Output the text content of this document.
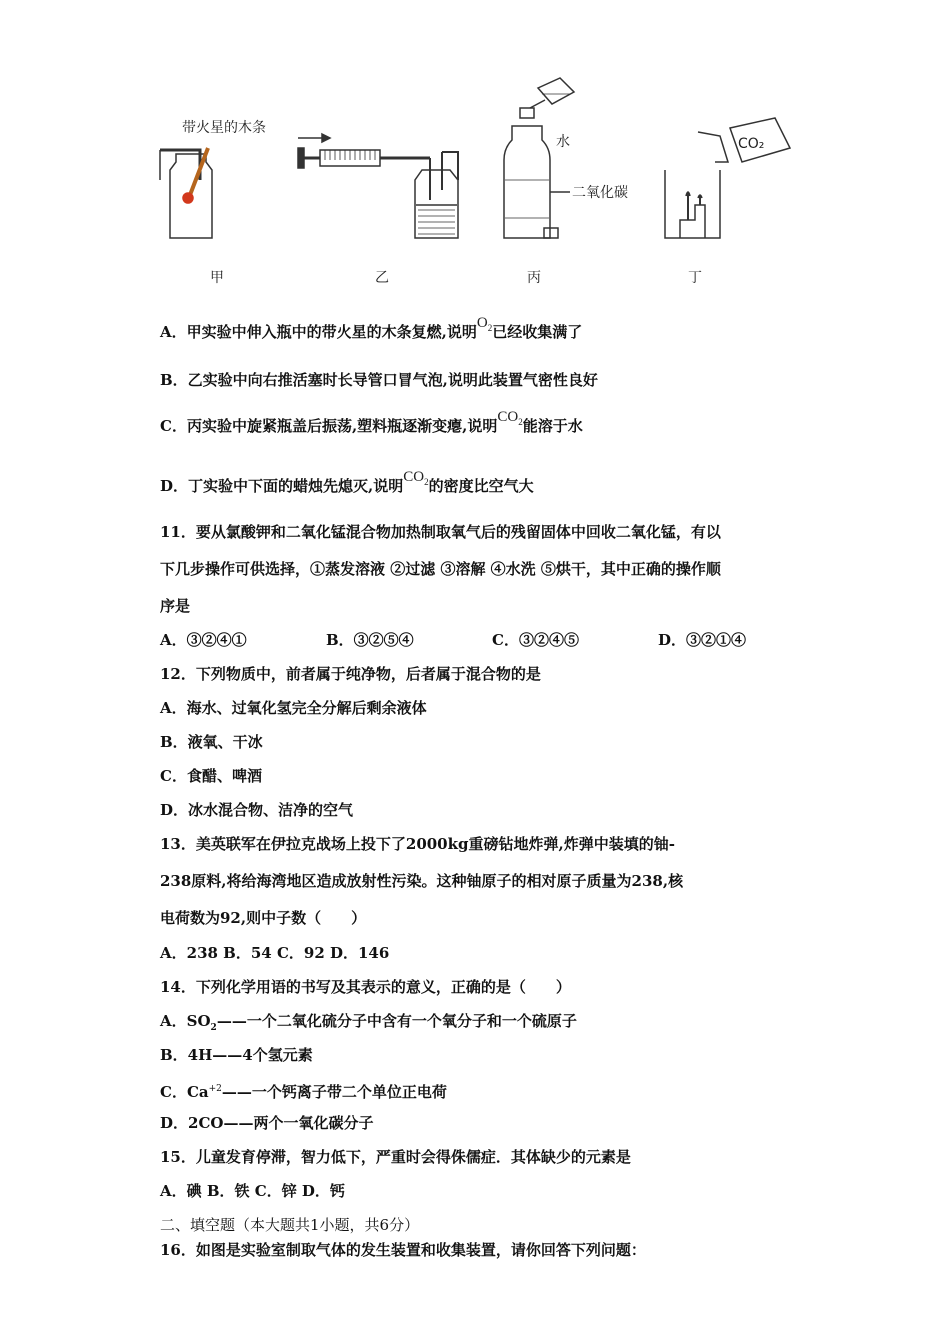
带火星的木条
甲	乙
水
二氧化碳
丙
CO₂
丁
A．甲实验中伸入瓶中的带火星的木条复燃,说明$O_2$已经收集满了
B．乙实验中向右推活塞时长导管口冒气泡,说明此装置气密性良好
C．丙实验中旋紧瓶盖后振荡,塑料瓶逐渐变瘪,说明$CO_2$能溶于水
D．丁实验中下面的蜡烛先熄灭,说明$CO_2$的密度比空气大
11．要从氯酸钾和二氧化锰混合物加热制取氧气后的残留固体中回收二氧化锰，有以
下几步操作可供选择，①蒸发溶液 ②过滤 ③溶解 ④水洗 ⑤烘干，其中正确的操作顺
序是
A．③②④①	B．③②⑤④	C．③②④⑤	D．③②①④
12．下列物质中，前者属于纯净物，后者属于混合物的是
A．海水、过氧化氢完全分解后剩余液体
B．液氧、干冰
C．食醋、啤酒
D．冰水混合物、洁净的空气
13．美英联军在伊拉克战场上投下了2000kg重磅钻地炸弹,炸弹中装填的铀-
238原料,将给海湾地区造成放射性污染。这种铀原子的相对原子质量为238,核
电荷数为92,则中子数（　　）
A．238 B．54 C．92 D．146
14．下列化学用语的书写及其表示的意义，正确的是（　　）
A．$SO_2——$一个二氧化硫分子中含有一个氧分子和一个硫原子
B．4H——4个氢元素
C．$Ca^{+2}——$一个钙离子带二个单位正电荷
D．2CO——两个一氧化碳分子
15．儿童发育停滞，智力低下，严重时会得侏儒症．其体缺少的元素是
A．碘 B．铁 C．锌 D．钙
二、填空题（本大题共1小题，共6分）
16．如图是实验室制取气体的发生装置和收集装置，请你回答下列问题：
